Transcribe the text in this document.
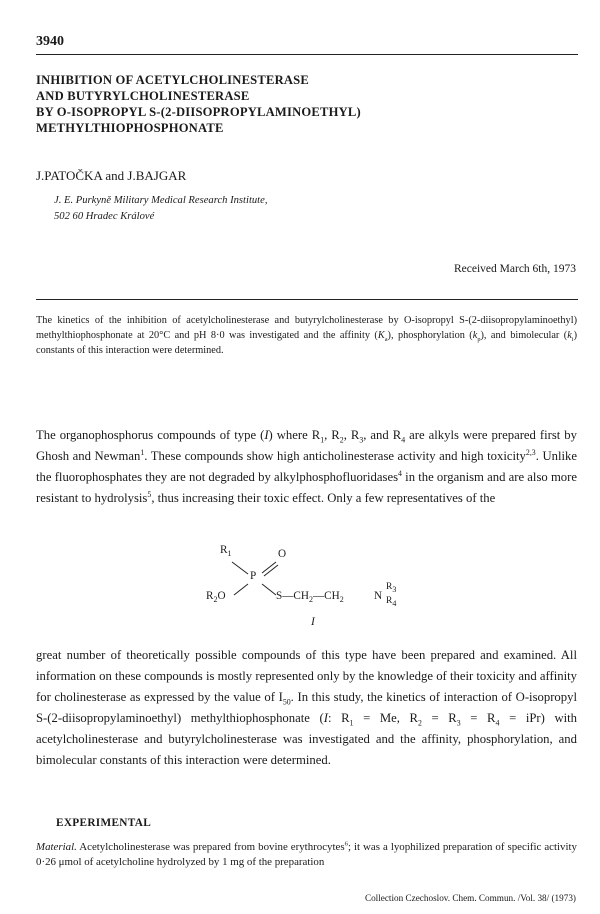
3940
INHIBITION OF ACETYLCHOLINESTERASE
AND BUTYRYLCHOLINESTERASE
BY O-ISOPROPYL S-(2-DIISOPROPYLAMINOETHYL)
METHYLTHIOPHOSPHONATE
J.PATOČKA and J.BAJGAR
J. E. Purkyně Military Medical Research Institute,
502 60 Hradec Králové
Received March 6th, 1973
The kinetics of the inhibition of acetylcholinesterase and butyrylcholinesterase by O-isopropyl S-(2-diisopropylaminoethyl) methylthiophosphonate at 20°C and pH 8·0 was investigated and the affinity $(K_a)$, phosphorylation $(k_p)$, and bimolecular $(k_i)$ constants of this interaction were determined.
The organophosphorus compounds of type (I) where $R_1$, $R_2$, $R_3$, and $R_4$ are alkyls were prepared first by Ghosh and Newman$^1$. These compounds show high anticholinesterase activity and high toxicity$^{2,3}$. Unlike the fluorophosphates they are not degraded by alkylphosphofluoridases$^4$ in the organism and are also more resistant to hydrolysis$^5$, thus increasing their toxic effect. Only a few representatives of the
$R_1$	O
P
$R_2O$	$S—CH_2—CH_2$	N
$R_3$
$R_4$
I
great number of theoretically possible compounds of this type have been prepared and examined. All information on these compounds is mostly represented only by the knowledge of their toxicity and affinity for cholinesterase as expressed by the value of $I_{50}$. In this study, the kinetics of interaction of O-isopropyl S-(2-diisopropylaminoethyl) methylthiophosphonate (I: $R_1 = Me$, $R_2 = R_3 = R_4 = iPr$) with acetylcholinesterase and butyrylcholinesterase was investigated and the affinity, phosphorylation, and bimolecular constants of this interaction were determined.
EXPERIMENTAL
Material. Acetylcholinesterase was prepared from bovine erythrocytes$^6$; it was a lyophilized preparation of specific activity 0·26 μmol of acetylcholine hydrolyzed by 1 mg of the preparation
Collection Czechoslov. Chem. Commun. /Vol. 38/ (1973)
